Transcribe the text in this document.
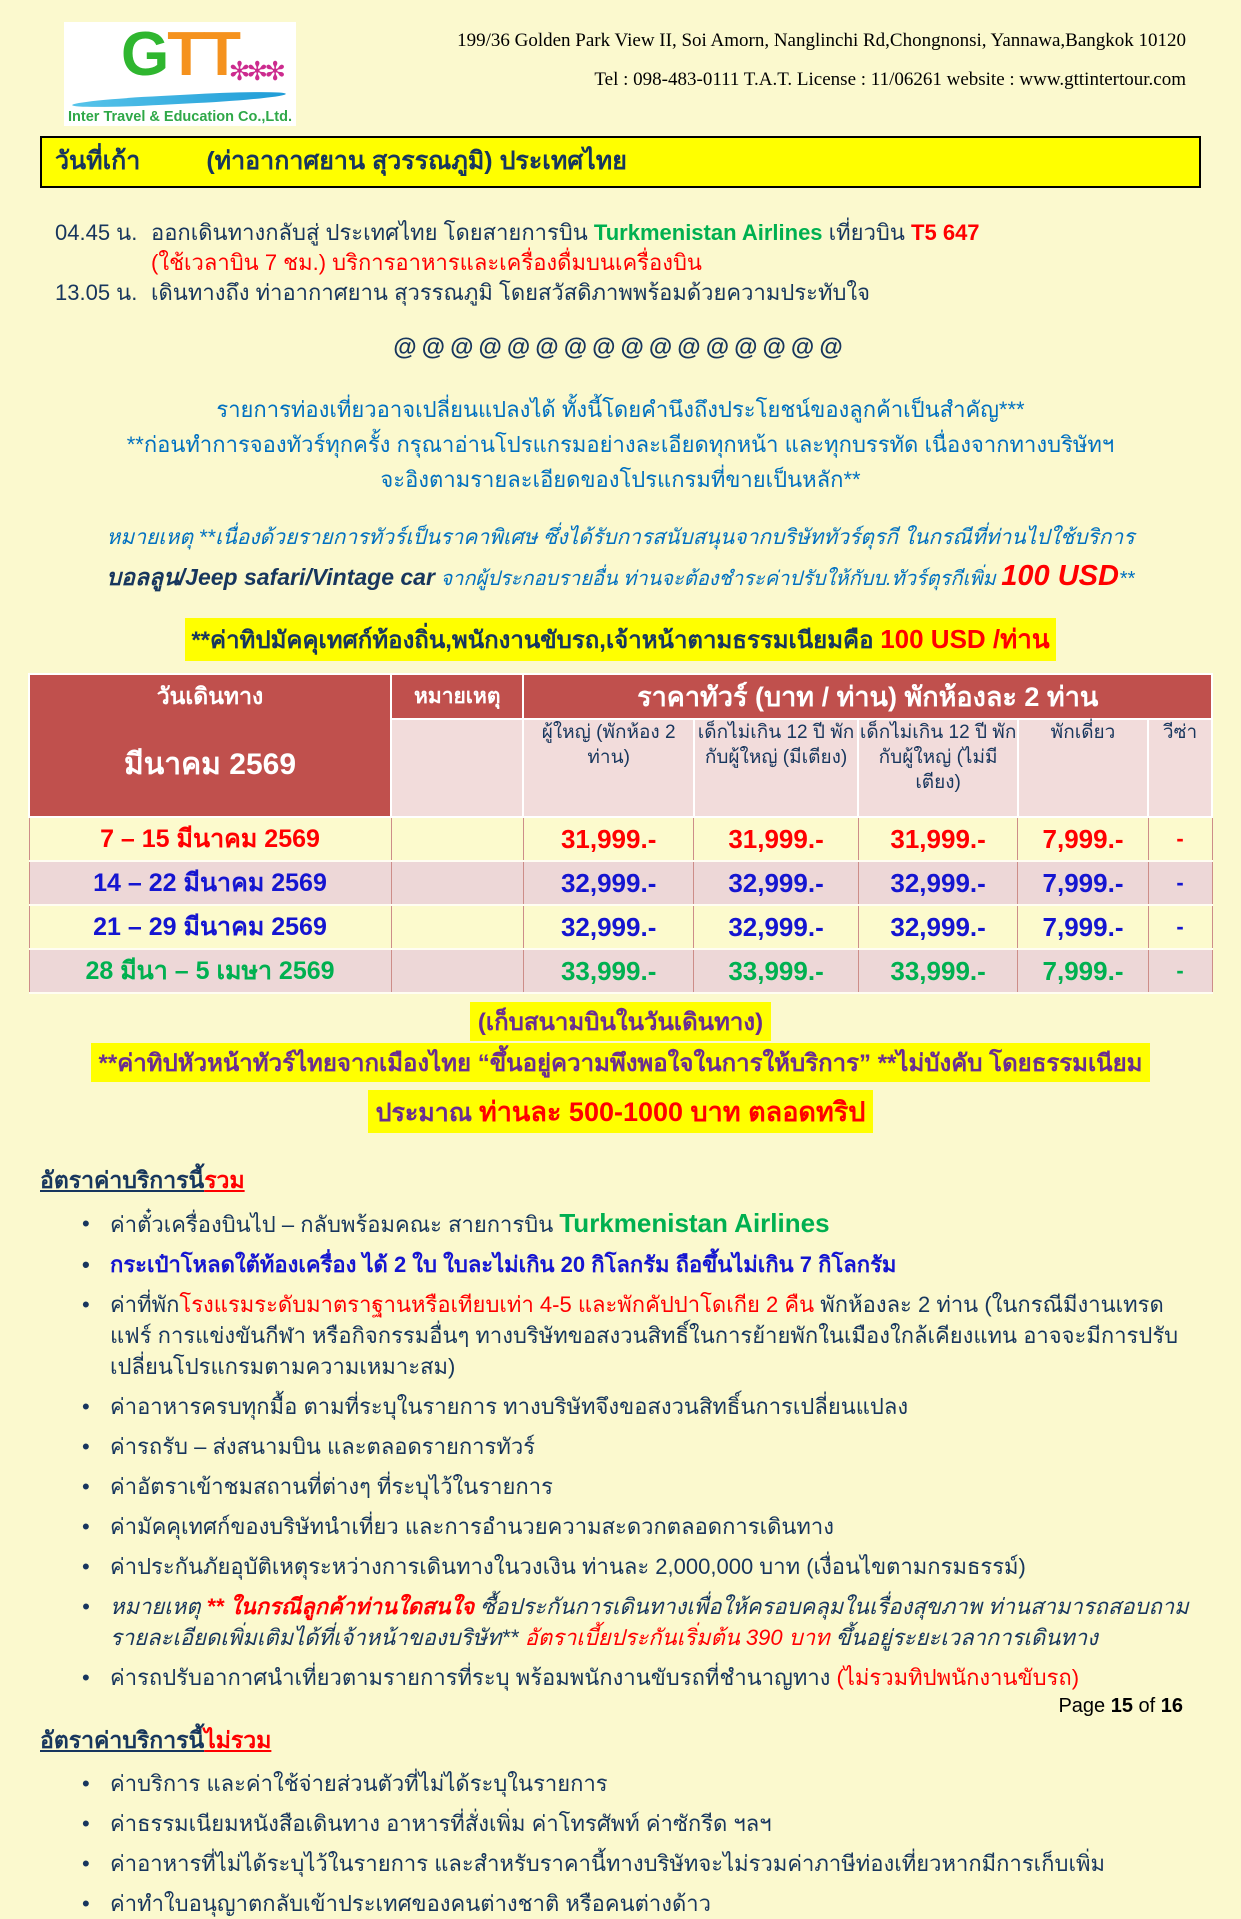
GTT
✻✻✻
Inter Travel & Education Co.,Ltd.
199/36 Golden Park View II, Soi Amorn, Nanglinchi Rd,Chongnonsi, Yannawa,Bangkok 10120
Tel : 098-483-0111 T.A.T. License : 11/06261 website : www.gttintertour.com
วันที่เก้า	(ท่าอากาศยาน สุวรรณภูมิ) ประเทศไทย
04.45 น. ออกเดินทางกลับสู่ ประเทศไทย โดยสายการบิน Turkmenistan Airlines เที่ยวบิน T5 647
(ใช้เวลาบิน 7 ชม.) บริการอาหารและเครื่องดื่มบนเครื่องบิน
13.05 น. เดินทางถึง ท่าอากาศยาน สุวรรณภูมิ โดยสวัสดิภาพพร้อมด้วยความประทับใจ
@@@@@@@@@@@@@@@@
รายการท่องเที่ยวอาจเปลี่ยนแปลงได้ ทั้งนี้โดยคำนึงถึงประโยชน์ของลูกค้าเป็นสำคัญ***
**ก่อนทำการจองทัวร์ทุกครั้ง กรุณาอ่านโปรแกรมอย่างละเอียดทุกหน้า และทุกบรรทัด เนื่องจากทางบริษัทฯ
จะอิงตามรายละเอียดของโปรแกรมที่ขายเป็นหลัก**
หมายเหตุ **เนื่องด้วยรายการทัวร์เป็นราคาพิเศษ ซึ่งได้รับการสนับสนุนจากบริษัททัวร์ตุรกี ในกรณีที่ท่านไปใช้บริการ
บอลลูน/Jeep safari/Vintage car จากผู้ประกอบรายอื่น ท่านจะต้องชำระค่าปรับให้กับบ.ทัวร์ตุรกีเพิ่ม 100 USD**
**ค่าทิปมัคคุเทศก์ท้องถิ่น,พนักงานขับรถ,เจ้าหน้าตามธรรมเนียมคือ 100 USD /ท่าน
วันเดินทาง
มีนาคม 2569	หมายเหตุ	ราคาทัวร์ (บาท / ท่าน) พักห้องละ 2 ท่าน				
		ผู้ใหญ่ (พักห้อง 2 ท่าน)	เด็กไม่เกิน 12 ปี พักกับผู้ใหญ่ (มีเตียง)	เด็กไม่เกิน 12 ปี พักกับผู้ใหญ่ (ไม่มีเตียง)	พักเดี่ยว	วีซ่า
7 – 15 มีนาคม 2569		31,999.-	31,999.-	31,999.-	7,999.-	-
14 – 22 มีนาคม 2569		32,999.-	32,999.-	32,999.-	7,999.-	-
21 – 29 มีนาคม 2569		32,999.-	32,999.-	32,999.-	7,999.-	-
28 มีนา – 5 เมษา 2569		33,999.-	33,999.-	33,999.-	7,999.-	-
(เก็บสนามบินในวันเดินทาง)
**ค่าทิปหัวหน้าทัวร์ไทยจากเมืองไทย “ขึ้นอยู่ความพึงพอใจในการให้บริการ” **ไม่บังคับ โดยธรรมเนียม
ประมาณ ท่านละ 500-1000 บาท ตลอดทริป
อัตราค่าบริการนี้รวม
• ค่าตั๋วเครื่องบินไป – กลับพร้อมคณะ สายการบิน Turkmenistan Airlines
• กระเป๋าโหลดใต้ท้องเครื่อง ได้ 2 ใบ ใบละไม่เกิน 20 กิโลกรัม ถือขึ้นไม่เกิน 7 กิโลกรัม
• ค่าที่พักโรงแรมระดับมาตราฐานหรือเทียบเท่า 4-5 และพักคัปปาโดเกีย 2 คืน พักห้องละ 2 ท่าน (ในกรณีมีงานเทรดแฟร์ การแข่งขันกีฬา หรือกิจกรรมอื่นๆ ทางบริษัทขอสงวนสิทธิ์ในการย้ายพักในเมืองใกล้เคียงแทน อาจจะมีการปรับเปลี่ยนโปรแกรมตามความเหมาะสม)
• ค่าอาหารครบทุกมื้อ ตามที่ระบุในรายการ ทางบริษัทจึงขอสงวนสิทธิ์นการเปลี่ยนแปลง
• ค่ารถรับ – ส่งสนามบิน และตลอดรายการทัวร์
• ค่าอัตราเข้าชมสถานที่ต่างๆ ที่ระบุไว้ในรายการ
• ค่ามัคคุเทศก์ของบริษัทนำเที่ยว และการอำนวยความสะดวกตลอดการเดินทาง
• ค่าประกันภัยอุบัติเหตุระหว่างการเดินทางในวงเงิน ท่านละ 2,000,000 บาท (เงื่อนไขตามกรมธรรม์)
• หมายเหตุ ** ในกรณีลูกค้าท่านใดสนใจ ซื้อประกันการเดินทางเพื่อให้ครอบคลุมในเรื่องสุขภาพ ท่านสามารถสอบถามรายละเอียดเพิ่มเติมได้ที่เจ้าหน้าของบริษัท** อัตราเบี้ยประกันเริ่มต้น 390 บาท ขึ้นอยู่ระยะเวลาการเดินทาง
• ค่ารถปรับอากาศนำเที่ยวตามรายการที่ระบุ พร้อมพนักงานขับรถที่ชำนาญทาง (ไม่รวมทิปพนักงานขับรถ)
อัตราค่าบริการนี้ไม่รวม
• ค่าบริการ และค่าใช้จ่ายส่วนตัวที่ไม่ได้ระบุในรายการ
• ค่าธรรมเนียมหนังสือเดินทาง อาหารที่สั่งเพิ่ม ค่าโทรศัพท์ ค่าซักรีด ฯลฯ
• ค่าอาหารที่ไม่ได้ระบุไว้ในรายการ และสำหรับราคานี้ทางบริษัทจะไม่รวมค่าภาษีท่องเที่ยวหากมีการเก็บเพิ่ม
• ค่าทำใบอนุญาตกลับเข้าประเทศของคนต่างชาติ หรือคนต่างด้าว
Page 15 of 16
